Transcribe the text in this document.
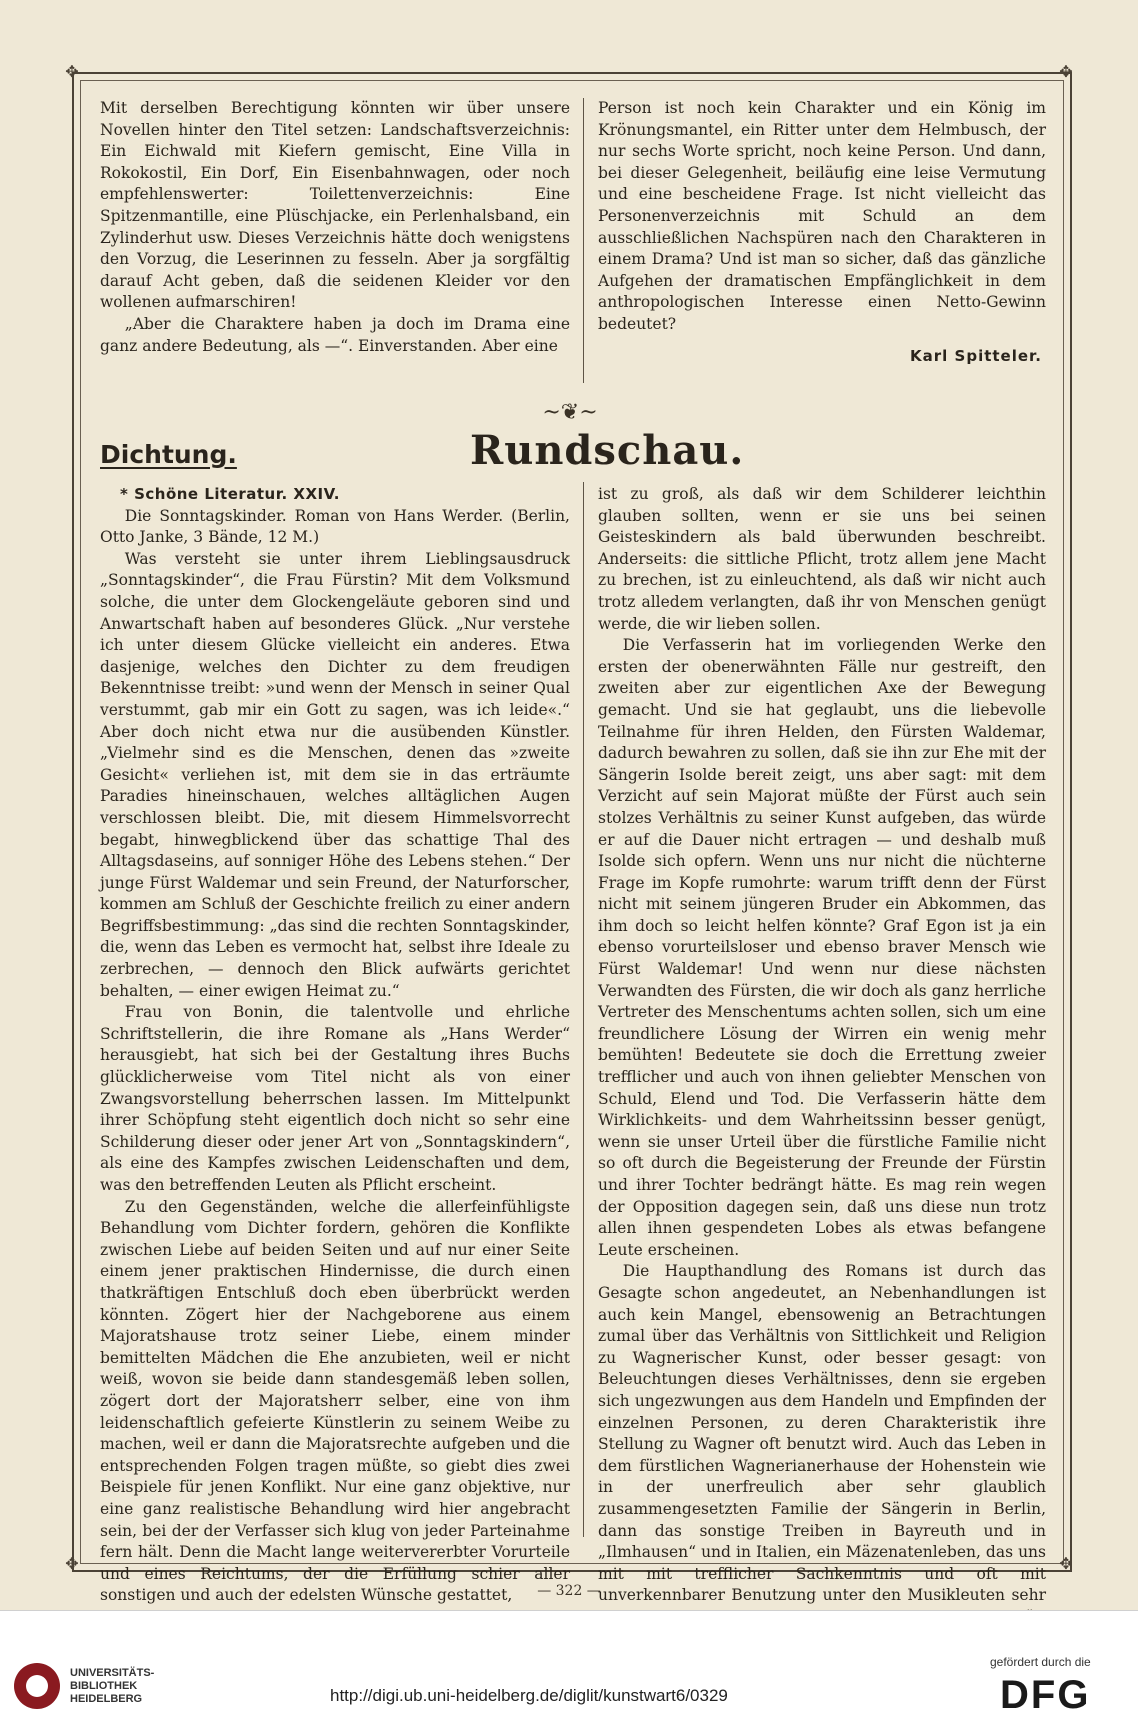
✥	✥
✥	✥

Mit derselben Berechtigung könnten wir über unsere Novellen hinter den Titel setzen: Landschaftsverzeichnis: Ein Eichwald mit Kiefern gemischt, Eine Villa in Rokokostil, Ein Dorf, Ein Eisenbahnwagen, oder noch empfehlenswerter: Toilettenverzeichnis: Eine Spitzenmantille, eine Plüschjacke, ein Perlenhalsband, ein Zylinderhut usw. Dieses Verzeichnis hätte doch wenigstens den Vorzug, die Leserinnen zu fesseln. Aber ja sorgfältig darauf Acht geben, daß die seidenen Kleider vor den wollenen aufmarschiren!

„Aber die Charaktere haben ja doch im Drama eine ganz andere Bedeutung, als —“. Einverstanden. Aber eine

Person ist noch kein Charakter und ein König im Krönungsmantel, ein Ritter unter dem Helmbusch, der nur sechs Worte spricht, noch keine Person. Und dann, bei dieser Gelegenheit, beiläufig eine leise Vermutung und eine bescheidene Frage. Ist nicht vielleicht das Personenverzeichnis mit Schuld an dem ausschließlichen Nachspüren nach den Charakteren in einem Drama? Und ist man so sicher, daß das gänzliche Aufgehen der dramatischen Empfänglichkeit in dem anthropologischen Interesse einen Netto-Gewinn bedeutet?

Karl Spitteler.
~❦~
Dichtung.	Rundschau.
* Schöne Literatur. XXIV.

Die Sonntagskinder. Roman von Hans Werder. (Berlin, Otto Janke, 3 Bände, 12 M.)

Was versteht sie unter ihrem Lieblingsausdruck „Sonntagskinder“, die Frau Fürstin? Mit dem Volksmund solche, die unter dem Glockengeläute geboren sind und Anwartschaft haben auf besonderes Glück. „Nur verstehe ich unter diesem Glücke vielleicht ein anderes. Etwa dasjenige, welches den Dichter zu dem freudigen Bekenntnisse treibt: »und wenn der Mensch in seiner Qual verstummt, gab mir ein Gott zu sagen, was ich leide«.“ Aber doch nicht etwa nur die ausübenden Künstler. „Vielmehr sind es die Menschen, denen das »zweite Gesicht« verliehen ist, mit dem sie in das erträumte Paradies hineinschauen, welches alltäglichen Augen verschlossen bleibt. Die, mit diesem Himmelsvorrecht begabt, hinwegblickend über das schattige Thal des Alltagsdaseins, auf sonniger Höhe des Lebens stehen.“ Der junge Fürst Waldemar und sein Freund, der Naturforscher, kommen am Schluß der Geschichte freilich zu einer andern Begriffsbestimmung: „das sind die rechten Sonntagskinder, die, wenn das Leben es vermocht hat, selbst ihre Ideale zu zerbrechen, — dennoch den Blick aufwärts gerichtet behalten, — einer ewigen Heimat zu.“

Frau von Bonin, die talentvolle und ehrliche Schriftstellerin, die ihre Romane als „Hans Werder“ herausgiebt, hat sich bei der Gestaltung ihres Buchs glücklicherweise vom Titel nicht als von einer Zwangsvorstellung beherrschen lassen. Im Mittelpunkt ihrer Schöpfung steht eigentlich doch nicht so sehr eine Schilderung dieser oder jener Art von „Sonntagskindern“, als eine des Kampfes zwischen Leidenschaften und dem, was den betreffenden Leuten als Pflicht erscheint.

Zu den Gegenständen, welche die allerfeinfühligste Behandlung vom Dichter fordern, gehören die Konflikte zwischen Liebe auf beiden Seiten und auf nur einer Seite einem jener praktischen Hindernisse, die durch einen thatkräftigen Entschluß doch eben überbrückt werden könnten. Zögert hier der Nachgeborene aus einem Majoratshause trotz seiner Liebe, einem minder bemittelten Mädchen die Ehe anzubieten, weil er nicht weiß, wovon sie beide dann standesgemäß leben sollen, zögert dort der Majoratsherr selber, eine von ihm leidenschaftlich gefeierte Künstlerin zu seinem Weibe zu machen, weil er dann die Majoratsrechte aufgeben und die entsprechenden Folgen tragen müßte, so giebt dies zwei Beispiele für jenen Konflikt. Nur eine ganz objektive, nur eine ganz realistische Behandlung wird hier angebracht sein, bei der der Verfasser sich klug von jeder Parteinahme fern hält. Denn die Macht lange weitervererbter Vorurteile und eines Reichtums, der die Erfüllung schier aller sonstigen und auch der edelsten Wünsche gestattet,

ist zu groß, als daß wir dem Schilderer leichthin glauben sollten, wenn er sie uns bei seinen Geisteskindern als bald überwunden beschreibt. Anderseits: die sittliche Pflicht, trotz allem jene Macht zu brechen, ist zu einleuchtend, als daß wir nicht auch trotz alledem verlangten, daß ihr von Menschen genügt werde, die wir lieben sollen.

Die Verfasserin hat im vorliegenden Werke den ersten der obenerwähnten Fälle nur gestreift, den zweiten aber zur eigentlichen Axe der Bewegung gemacht. Und sie hat geglaubt, uns die liebevolle Teilnahme für ihren Helden, den Fürsten Waldemar, dadurch bewahren zu sollen, daß sie ihn zur Ehe mit der Sängerin Isolde bereit zeigt, uns aber sagt: mit dem Verzicht auf sein Majorat müßte der Fürst auch sein stolzes Verhältnis zu seiner Kunst aufgeben, das würde er auf die Dauer nicht ertragen — und deshalb muß Isolde sich opfern. Wenn uns nur nicht die nüchterne Frage im Kopfe rumohrte: warum trifft denn der Fürst nicht mit seinem jüngeren Bruder ein Abkommen, das ihm doch so leicht helfen könnte? Graf Egon ist ja ein ebenso vorurteilsloser und ebenso braver Mensch wie Fürst Waldemar! Und wenn nur diese nächsten Verwandten des Fürsten, die wir doch als ganz herrliche Vertreter des Menschentums achten sollen, sich um eine freundlichere Lösung der Wirren ein wenig mehr bemühten! Bedeutete sie doch die Errettung zweier trefflicher und auch von ihnen geliebter Menschen von Schuld, Elend und Tod. Die Verfasserin hätte dem Wirklichkeits- und dem Wahrheitssinn besser genügt, wenn sie unser Urteil über die fürstliche Familie nicht so oft durch die Begeisterung der Freunde der Fürstin und ihrer Tochter bedrängt hätte. Es mag rein wegen der Opposition dagegen sein, daß uns diese nun trotz allen ihnen gespendeten Lobes als etwas befangene Leute erscheinen.

Die Haupthandlung des Romans ist durch das Gesagte schon angedeutet, an Nebenhandlungen ist auch kein Mangel, ebensowenig an Betrachtungen zumal über das Verhältnis von Sittlichkeit und Religion zu Wagnerischer Kunst, oder besser gesagt: von Beleuchtungen dieses Verhältnisses, denn sie ergeben sich ungezwungen aus dem Handeln und Empfinden der einzelnen Personen, zu deren Charakteristik ihre Stellung zu Wagner oft benutzt wird. Auch das Leben in dem fürstlichen Wagnerianerhause der Hohenstein wie in der unerfreulich aber sehr glaublich zusammengesetzten Familie der Sängerin in Berlin, dann das sonstige Treiben in Bayreuth und in „Ilmhausen“ und in Italien, ein Mäzenatenleben, das uns mit mit trefflicher Sachkenntnis und oft mit unverkennbarer Benutzung unter den Musikleuten sehr

— 322 —
UNIVERSITÄTS-
BIBLIOTHEK
HEIDELBERG	http://digi.ub.uni-heidelberg.de/diglit/kunstwart6/0329
gefördert durch die
DFG
